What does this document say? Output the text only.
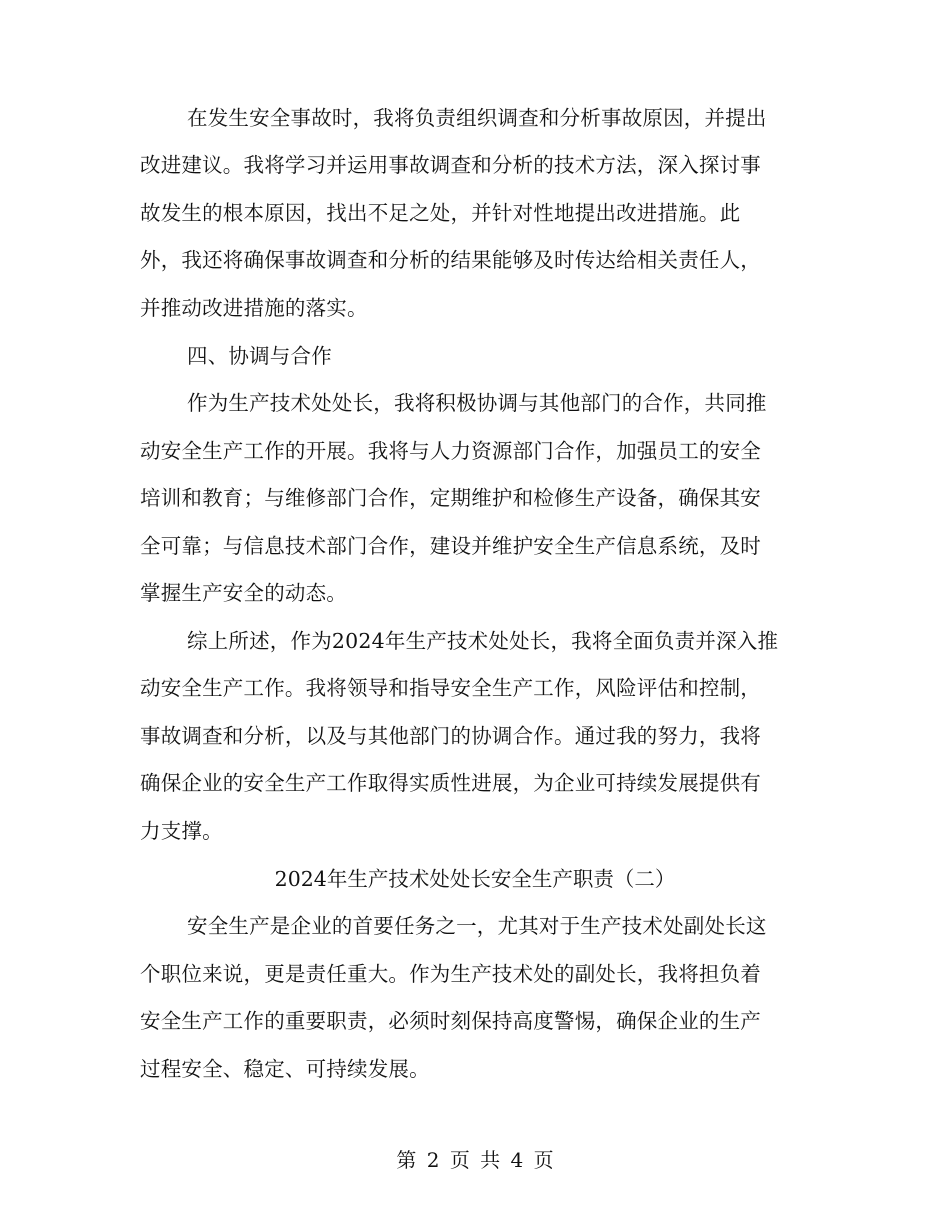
在发生安全事故时，我将负责组织调查和分析事故原因，并提出
改进建议。我将学习并运用事故调查和分析的技术方法，深入探讨事
故发生的根本原因，找出不足之处，并针对性地提出改进措施。此
外，我还将确保事故调查和分析的结果能够及时传达给相关责任人，
并推动改进措施的落实。
四、协调与合作
作为生产技术处处长，我将积极协调与其他部门的合作，共同推
动安全生产工作的开展。我将与人力资源部门合作，加强员工的安全
培训和教育；与维修部门合作，定期维护和检修生产设备，确保其安
全可靠；与信息技术部门合作，建设并维护安全生产信息系统，及时
掌握生产安全的动态。
综上所述，作为2024年生产技术处处长，我将全面负责并深入推
动安全生产工作。我将领导和指导安全生产工作，风险评估和控制，
事故调查和分析，以及与其他部门的协调合作。通过我的努力，我将
确保企业的安全生产工作取得实质性进展，为企业可持续发展提供有
力支撑。
2024年生产技术处处长安全生产职责（二）
安全生产是企业的首要任务之一，尤其对于生产技术处副处长这
个职位来说，更是责任重大。作为生产技术处的副处长，我将担负着
安全生产工作的重要职责，必须时刻保持高度警惕，确保企业的生产
过程安全、稳定、可持续发展。
第 2 页 共 4 页
